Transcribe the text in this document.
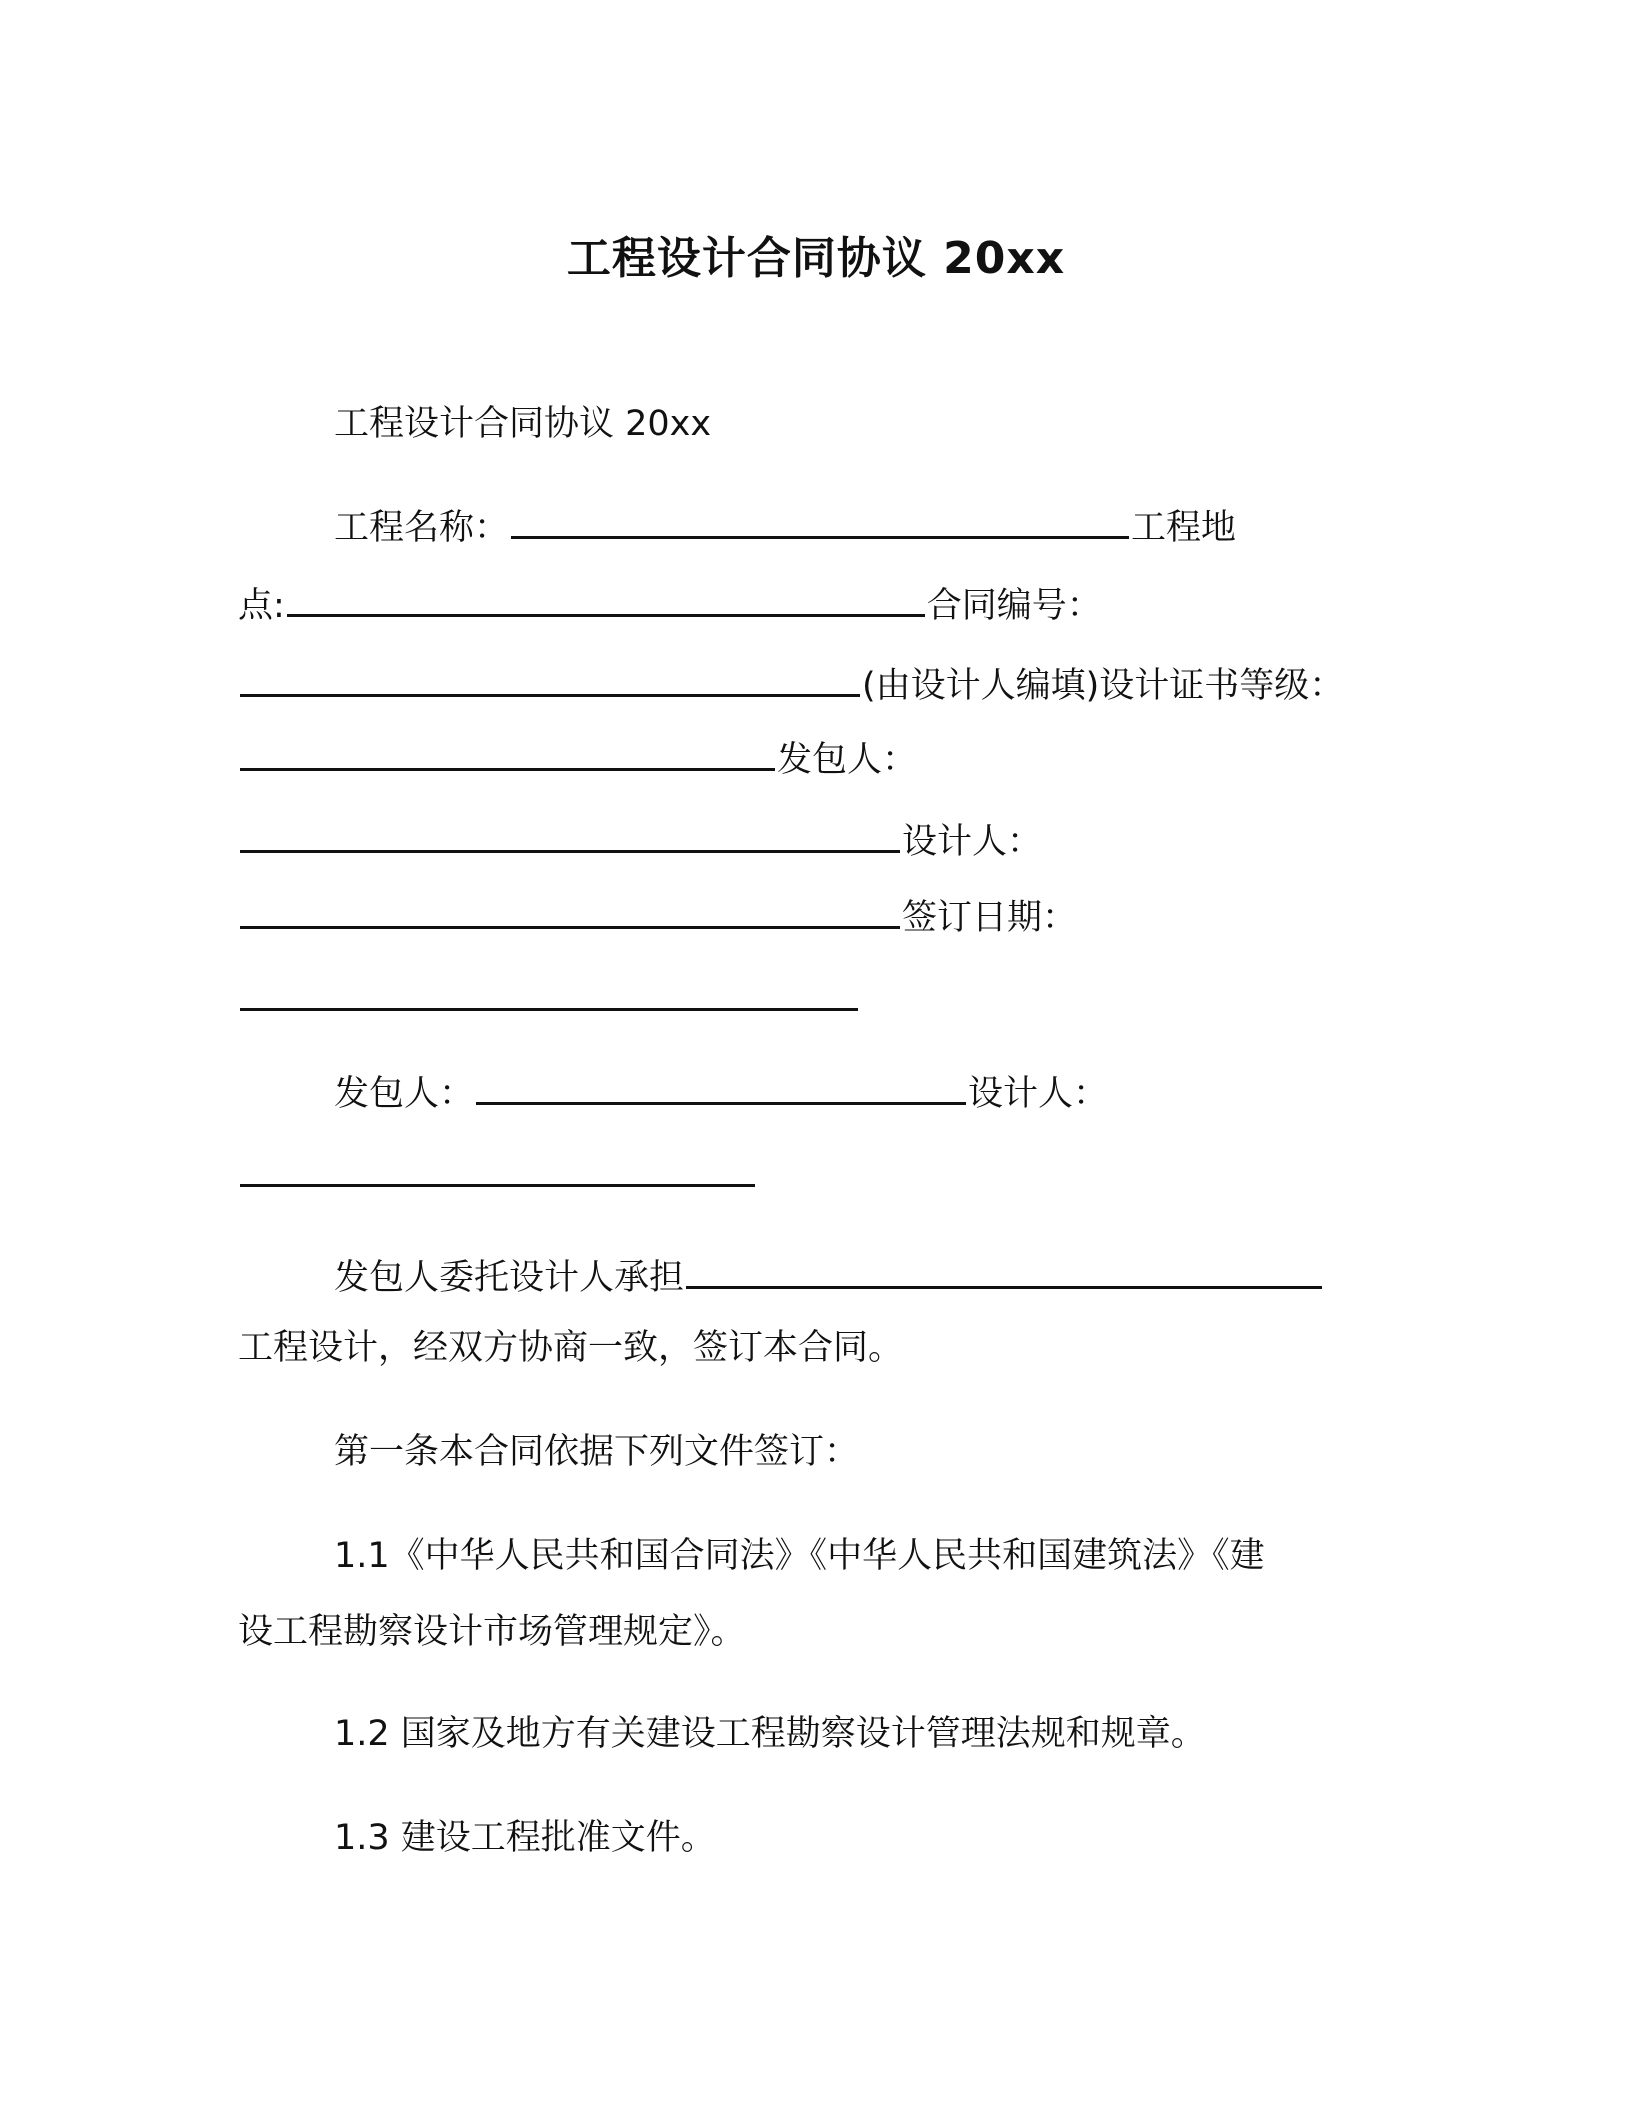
工程设计合同协议 20xx
工程设计合同协议 20xx
工程名称：	工程地
点:	合同编号：
(由设计人编填)设计证书等级：
发包人：
设计人：
签订日期：
发包人：	设计人：
发包人委托设计人承担
工程设计，经双方协商一致，签订本合同。
第一条本合同依据下列文件签订：
1.1《中华人民共和国合同法》《中华人民共和国建筑法》《建
设工程勘察设计市场管理规定》。
1.2 国家及地方有关建设工程勘察设计管理法规和规章。
1.3 建设工程批准文件。
